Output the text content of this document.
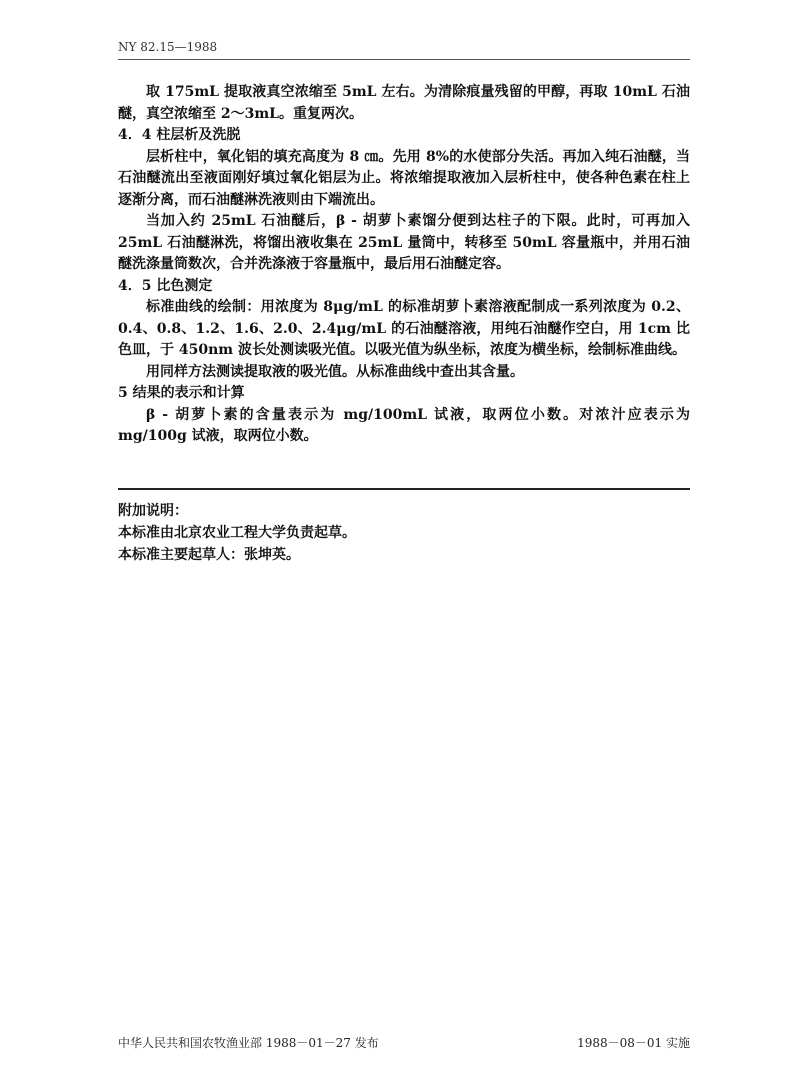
NY 82.15—1988

取 175mL 提取液真空浓缩至 5mL 左右。为清除痕量残留的甲醇，再取 10mL 石油醚，真空浓缩至 2～3mL。重复两次。

4．4 柱层析及洗脱

层析柱中，氧化铝的填充高度为 8 ㎝。先用 8%的水使部分失活。再加入纯石油醚，当石油醚流出至液面刚好填过氧化铝层为止。将浓缩提取液加入层析柱中，使各种色素在柱上逐渐分离，而石油醚淋洗液则由下端流出。

当加入约 25mL 石油醚后，β - 胡萝卜素馏分便到达柱子的下限。此时，可再加入 25mL 石油醚淋洗，将馏出液收集在 25mL 量筒中，转移至 50mL 容量瓶中，并用石油醚洗涤量筒数次，合并洗涤液于容量瓶中，最后用石油醚定容。

4．5 比色测定

标准曲线的绘制：用浓度为 8μg/mL 的标准胡萝卜素溶液配制成一系列浓度为 0.2、0.4、0.8、1.2、1.6、2.0、2.4μg/mL 的石油醚溶液，用纯石油醚作空白，用 1cm 比色皿，于 450nm 波长处测读吸光值。以吸光值为纵坐标，浓度为横坐标，绘制标准曲线。

用同样方法测读提取液的吸光值。从标准曲线中查出其含量。

5 结果的表示和计算

β - 胡萝卜素的含量表示为 mg/100mL 试液，取两位小数。对浓汁应表示为 mg/100g 试液，取两位小数。

附加说明：

本标准由北京农业工程大学负责起草。

本标准主要起草人：张坤英。

中华人民共和国农牧渔业部 1988－01－27 发布	1988－08－01 实施
